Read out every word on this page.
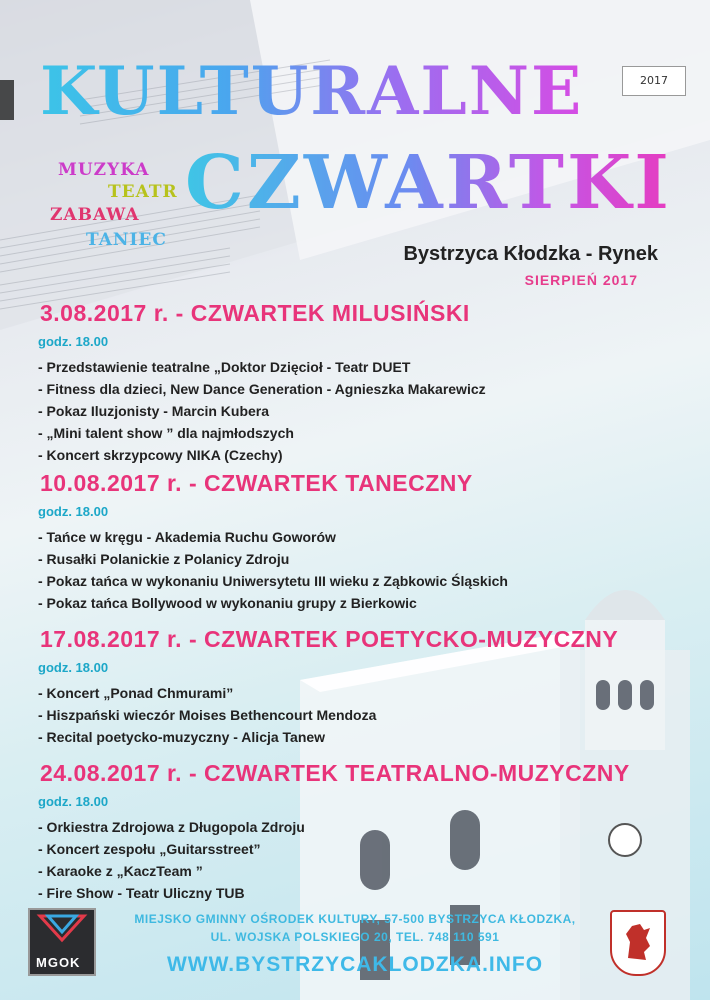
KULTURALNE
CZWARTKI
MUZYKA
TEATR
ZABAWA
TANIEC
2017
Bystrzyca Kłodzka - Rynek
SIERPIEŃ 2017
3.08.2017 r. - CZWARTEK MILUSIŃSKI
godz. 18.00
- Przedstawienie teatralne „Doktor Dzięcioł - Teatr DUET
- Fitness dla dzieci, New Dance Generation - Agnieszka Makarewicz
- Pokaz Iluzjonisty - Marcin Kubera
- „Mini talent show ” dla najmłodszych
- Koncert skrzypcowy NIKA (Czechy)
10.08.2017 r. - CZWARTEK TANECZNY
godz. 18.00
- Tańce w kręgu - Akademia Ruchu Goworów
- Rusałki Polanickie z Polanicy Zdroju
- Pokaz tańca w wykonaniu Uniwersytetu III wieku z Ząbkowic Śląskich
- Pokaz tańca Bollywood w wykonaniu grupy z Bierkowic
17.08.2017 r. - CZWARTEK POETYCKO-MUZYCZNY
godz. 18.00
- Koncert „Ponad Chmurami”
- Hiszpański wieczór Moises Bethencourt Mendoza
- Recital poetycko-muzyczny - Alicja Tanew
24.08.2017 r. - CZWARTEK TEATRALNO-MUZYCZNY
godz. 18.00
- Orkiestra Zdrojowa z Długopola Zdroju
- Koncert zespołu „Guitarsstreet”
- Karaoke z „KaczTeam ”
- Fire Show - Teatr Uliczny TUB
MGOK
MIEJSKO GMINNY OŚRODEK KULTURY, 57-500 BYSTRZYCA KŁODZKA,
UL. WOJSKA POLSKIEGO 20, TEL. 748 110 591
WWW.BYSTRZYCAKLODZKA.INFO
